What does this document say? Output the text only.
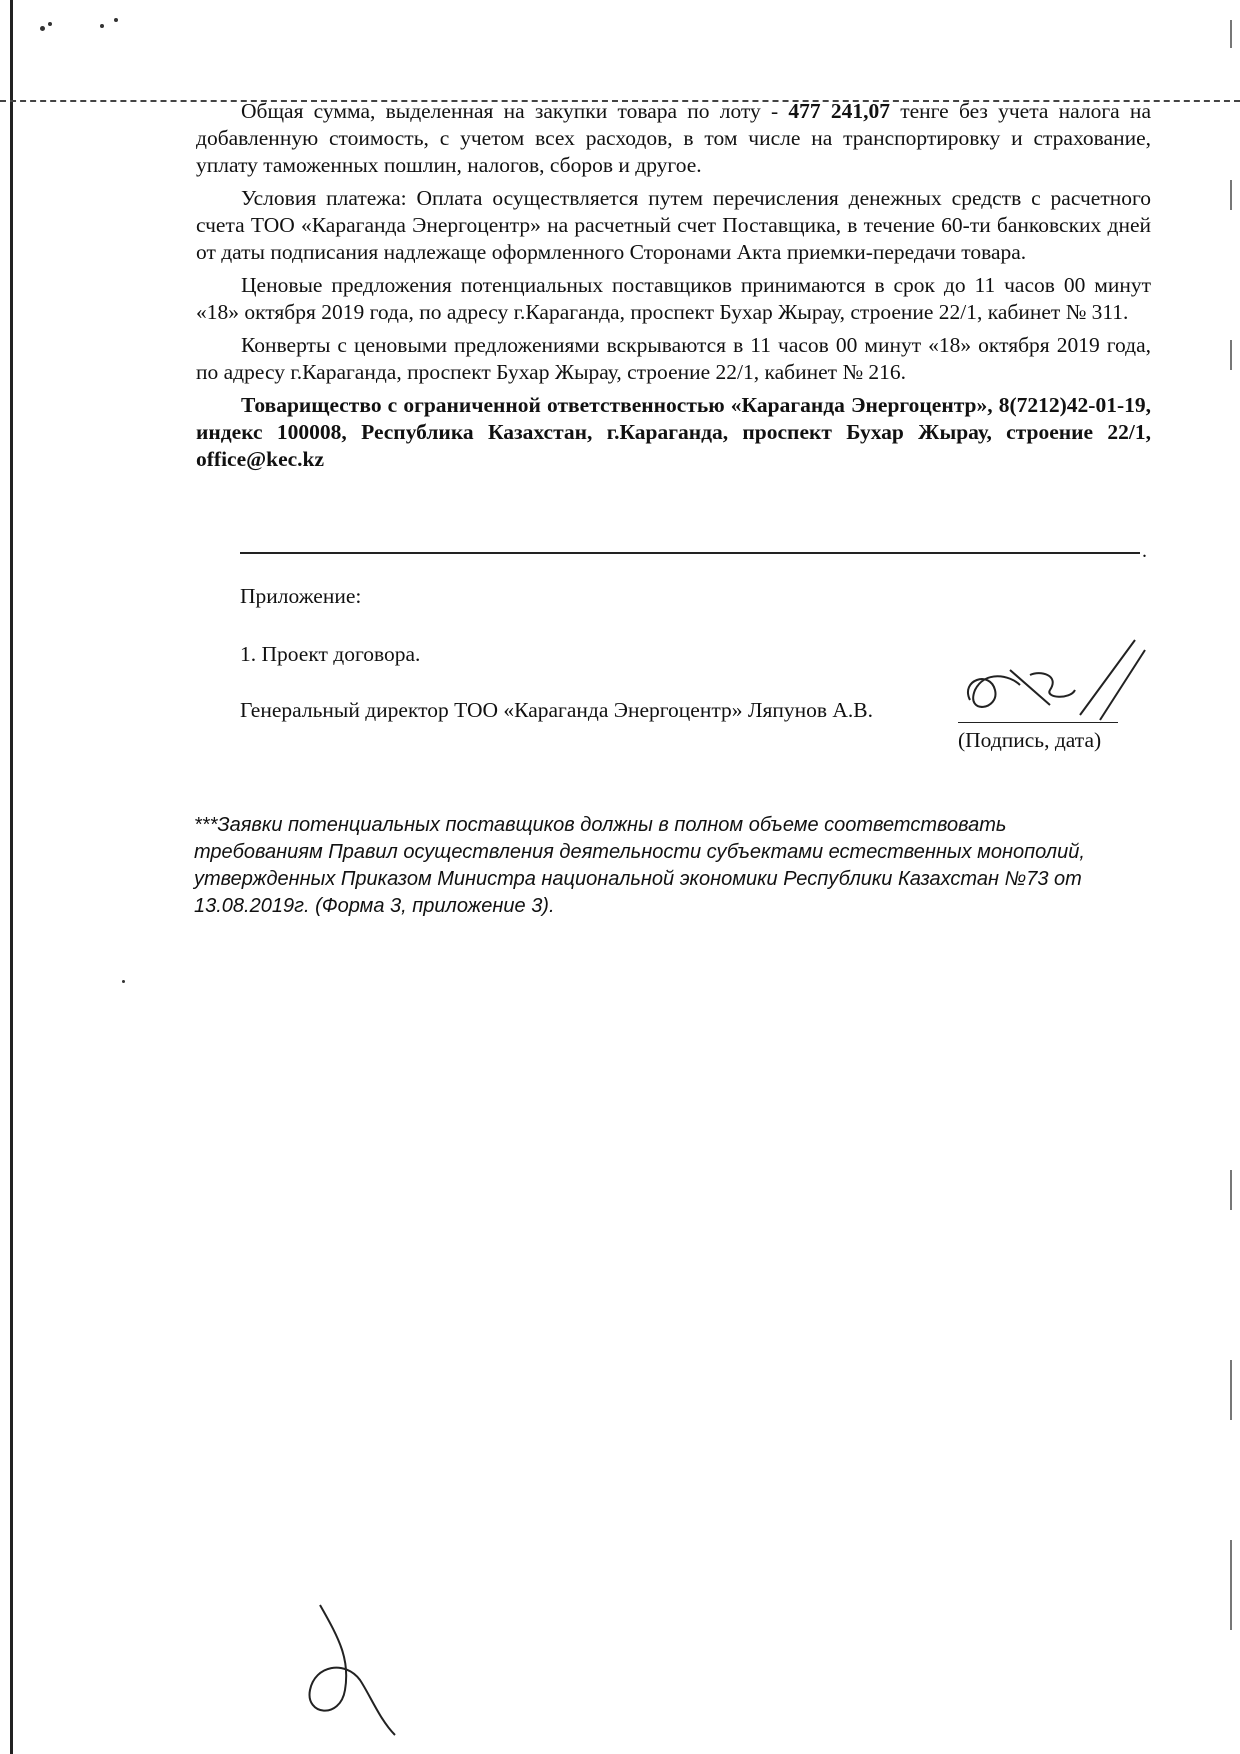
Общая сумма, выделенная на закупки товара по лоту - 477 241,07 тенге без учета налога на добавленную стоимость, с учетом всех расходов, в том числе на транспортировку и страхование, уплату таможенных пошлин, налогов, сборов и другое.

Условия платежа: Оплата осуществляется путем перечисления денежных средств с расчетного счета ТОО «Караганда Энергоцентр» на расчетный счет Поставщика, в течение 60-ти банковских дней от даты подписания надлежаще оформленного Сторонами Акта приемки-передачи товара.

Ценовые предложения потенциальных поставщиков принимаются в срок до 11 часов 00 минут «18» октября 2019 года, по адресу г.Караганда, проспект Бухар Жырау, строение 22/1, кабинет № 311.

Конверты с ценовыми предложениями вскрываются в 11 часов 00 минут «18» октября 2019 года, по адресу г.Караганда, проспект Бухар Жырау, строение 22/1, кабинет № 216.

Товарищество с ограниченной ответственностью «Караганда Энергоцентр», 8(7212)42-01-19, индекс 100008, Республика Казахстан, г.Караганда, проспект Бухар Жырау, строение 22/1, office@kec.kz

.
Приложение:
1. Проект договора.
Генеральный директор ТОО «Караганда Энергоцентр» Ляпунов А.В.
(Подпись, дата)
***Заявки потенциальных поставщиков должны в полном объеме соответствовать требованиям Правил осуществления деятельности субъектами естественных монополий, утвержденных Приказом Министра национальной экономики Республики Казахстан №73 от 13.08.2019г. (Форма 3, приложение 3).
